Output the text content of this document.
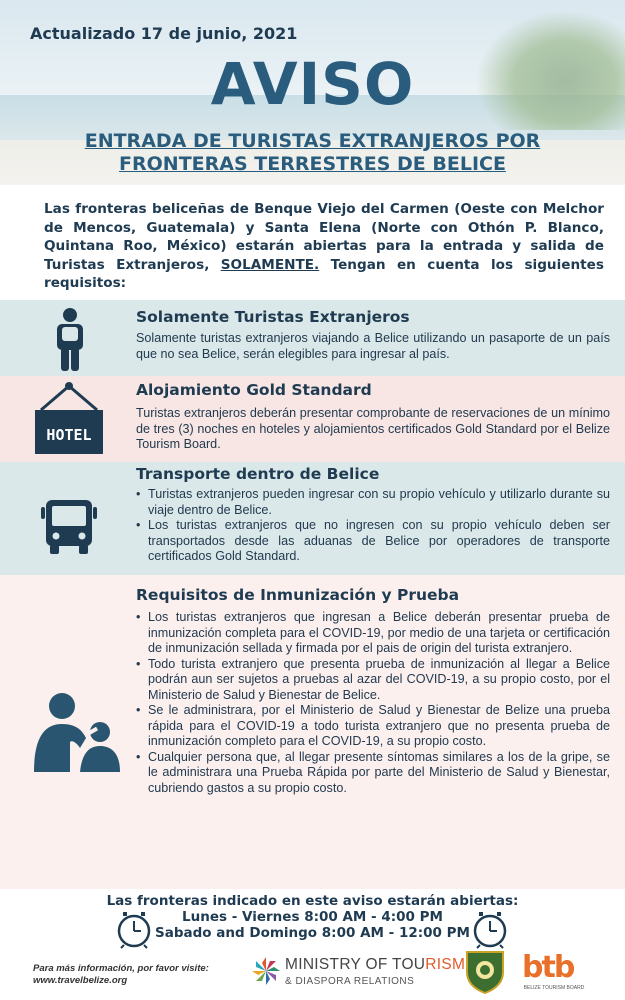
Actualizado 17 de junio, 2021
AVISO
ENTRADA DE TURISTAS EXTRANJEROS POR
FRONTERAS TERRESTRES DE BELICE
Las fronteras beliceñas de Benque Viejo del Carmen (Oeste con Melchor de Mencos, Guatemala) y Santa Elena (Norte con Othón P. Blanco, Quintana Roo, México) estarán abiertas para la entrada y salida de Turistas Extranjeros, SOLAMENTE. Tengan en cuenta los siguientes requisitos:
Solamente Turistas Extranjeros
Solamente turistas extranjeros viajando a Belice utilizando un pasaporte de un país que no sea Belice, serán elegibles para ingresar al país.
HOTEL
Alojamiento Gold Standard
Turistas extranjeros deberán presentar comprobante de reservaciones de un mínimo de tres (3) noches en hoteles y alojamientos certificados Gold Standard por el Belize Tourism Board.
Transporte dentro de Belice
• Turistas extranjeros pueden ingresar con su propio vehículo y utilizarlo durante su viaje dentro de Belice.
• Los turistas extranjeros que no ingresen con su propio vehículo deben ser transportados desde las aduanas de Belice por operadores de transporte certificados Gold Standard.
Requisitos de Inmunización y Prueba
• Los turistas extranjeros que ingresan a Belice deberán presentar prueba de inmunización completa para el COVID-19, por medio de una tarjeta or certificación de inmunización sellada y firmada por el pais de origin del turista extranjero.
• Todo turista extranjero que presenta prueba de inmunización al llegar a Belice podrán aun ser sujetos a pruebas al azar del COVID-19, a su propio costo, por el Ministerio de Salud y Bienestar de Belice.
• Se le administrara, por el Ministerio de Salud y Bienestar de Belize una prueba rápida para el COVID-19 a todo turista extranjero que no presenta prueba de inmunización completo para el COVID-19, a su propio costo.
• Cualquier persona que, al llegar presente síntomas similares a los de la gripe, se le administrara una Prueba Rápida por parte del Ministerio de Salud y Bienestar, cubriendo gastos a su propio costo.
Las fronteras indicado en este aviso estarán abiertas:
Lunes - Viernes 8:00 AM - 4:00 PM
Sabado and Domingo 8:00 AM - 12:00 PM
Para más información, por favor visite:
www.travelbelize.org
MINISTRY OF TOURISM
& DIASPORA RELATIONS	btb
BELIZE TOURISM BOARD
